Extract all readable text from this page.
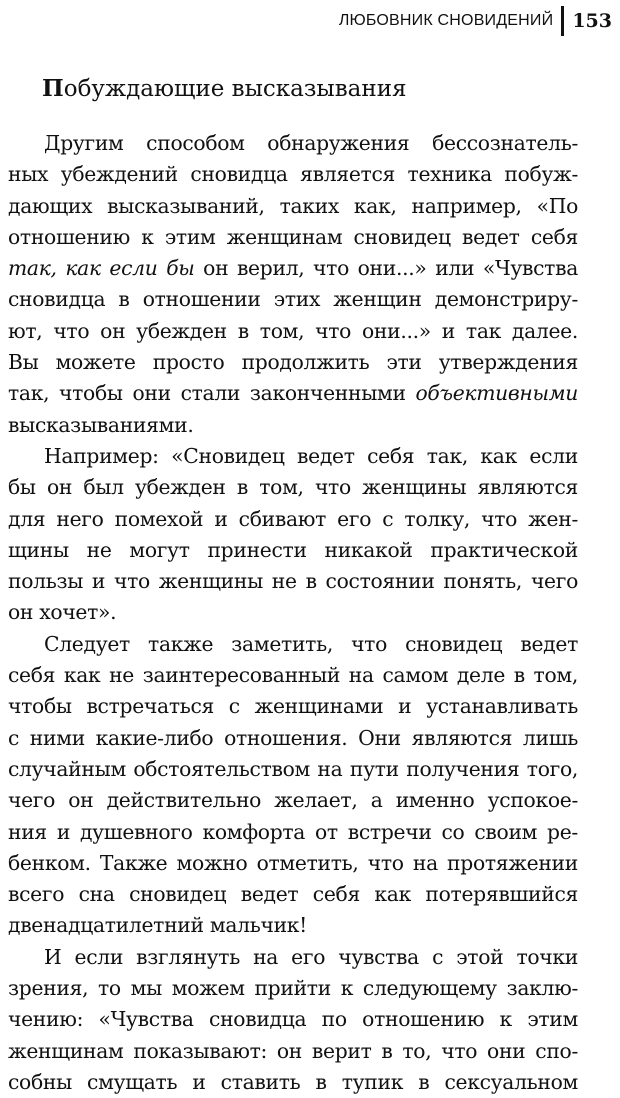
ЛЮБОВНИК СНОВИДЕНИЙ 153
Побуждающие высказывания

Другим способом обнаружения бессознатель-
ных убеждений сновидца является техника побуж-
дающих высказываний, таких как, например, «По
отношению к этим женщинам сновидец ведет себя
так, как если бы он верил, что они...» или «Чувства
сновидца в отношении этих женщин демонстриру-
ют, что он убежден в том, что они...» и так далее.
Вы можете просто продолжить эти утверждения
так, чтобы они стали законченными объективными
высказываниями.

Например: «Сновидец ведет себя так, как если
бы он был убежден в том, что женщины являются
для него помехой и сбивают его с толку, что жен-
щины не могут принести никакой практической
пользы и что женщины не в состоянии понять, чего
он хочет».

Следует также заметить, что сновидец ведет
себя как не заинтересованный на самом деле в том,
чтобы встречаться с женщинами и устанавливать
с ними какие-либо отношения. Они являются лишь
случайным обстоятельством на пути получения того,
чего он действительно желает, а именно успокое-
ния и душевного комфорта от встречи со своим ре-
бенком. Также можно отметить, что на протяжении
всего сна сновидец ведет себя как потерявшийся
двенадцатилетний мальчик!

И если взглянуть на его чувства с этой точки
зрения, то мы можем прийти к следующему заклю-
чению: «Чувства сновидца по отношению к этим
женщинам показывают: он верит в то, что они спо-
собны смущать и ставить в тупик в сексуальном
